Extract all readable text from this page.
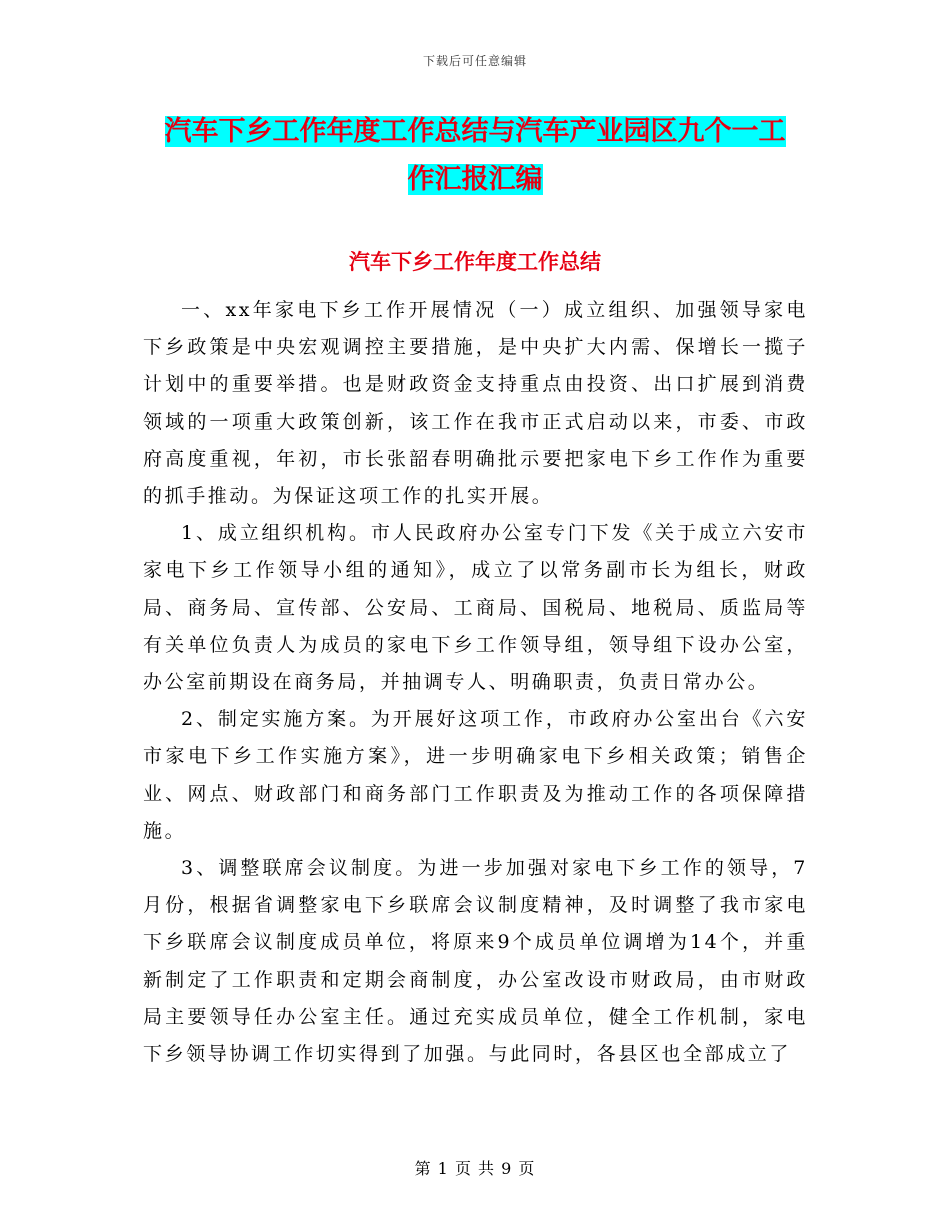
下载后可任意编辑
汽车下乡工作年度工作总结与汽车产业园区九个一工
作汇报汇编
汽车下乡工作年度工作总结

一、xx年家电下乡工作开展情况（一）成立组织、加强领导家电下乡政策是中央宏观调控主要措施，是中央扩大内需、保增长一揽子计划中的重要举措。也是财政资金支持重点由投资、出口扩展到消费领域的一项重大政策创新，该工作在我市正式启动以来，市委、市政府高度重视，年初，市长张韶春明确批示要把家电下乡工作作为重要的抓手推动。为保证这项工作的扎实开展。

1、成立组织机构。市人民政府办公室专门下发《关于成立六安市家电下乡工作领导小组的通知》，成立了以常务副市长为组长，财政局、商务局、宣传部、公安局、工商局、国税局、地税局、质监局等有关单位负责人为成员的家电下乡工作领导组，领导组下设办公室，办公室前期设在商务局，并抽调专人、明确职责，负责日常办公。

2、制定实施方案。为开展好这项工作，市政府办公室出台《六安市家电下乡工作实施方案》，进一步明确家电下乡相关政策；销售企业、网点、财政部门和商务部门工作职责及为推动工作的各项保障措施。

3、调整联席会议制度。为进一步加强对家电下乡工作的领导，7月份，根据省调整家电下乡联席会议制度精神，及时调整了我市家电下乡联席会议制度成员单位，将原来9个成员单位调增为14个，并重新制定了工作职责和定期会商制度，办公室改设市财政局，由市财政局主要领导任办公室主任。通过充实成员单位，健全工作机制，家电下乡领导协调工作切实得到了加强。与此同时，各县区也全部成立了

第 1 页 共 9 页
